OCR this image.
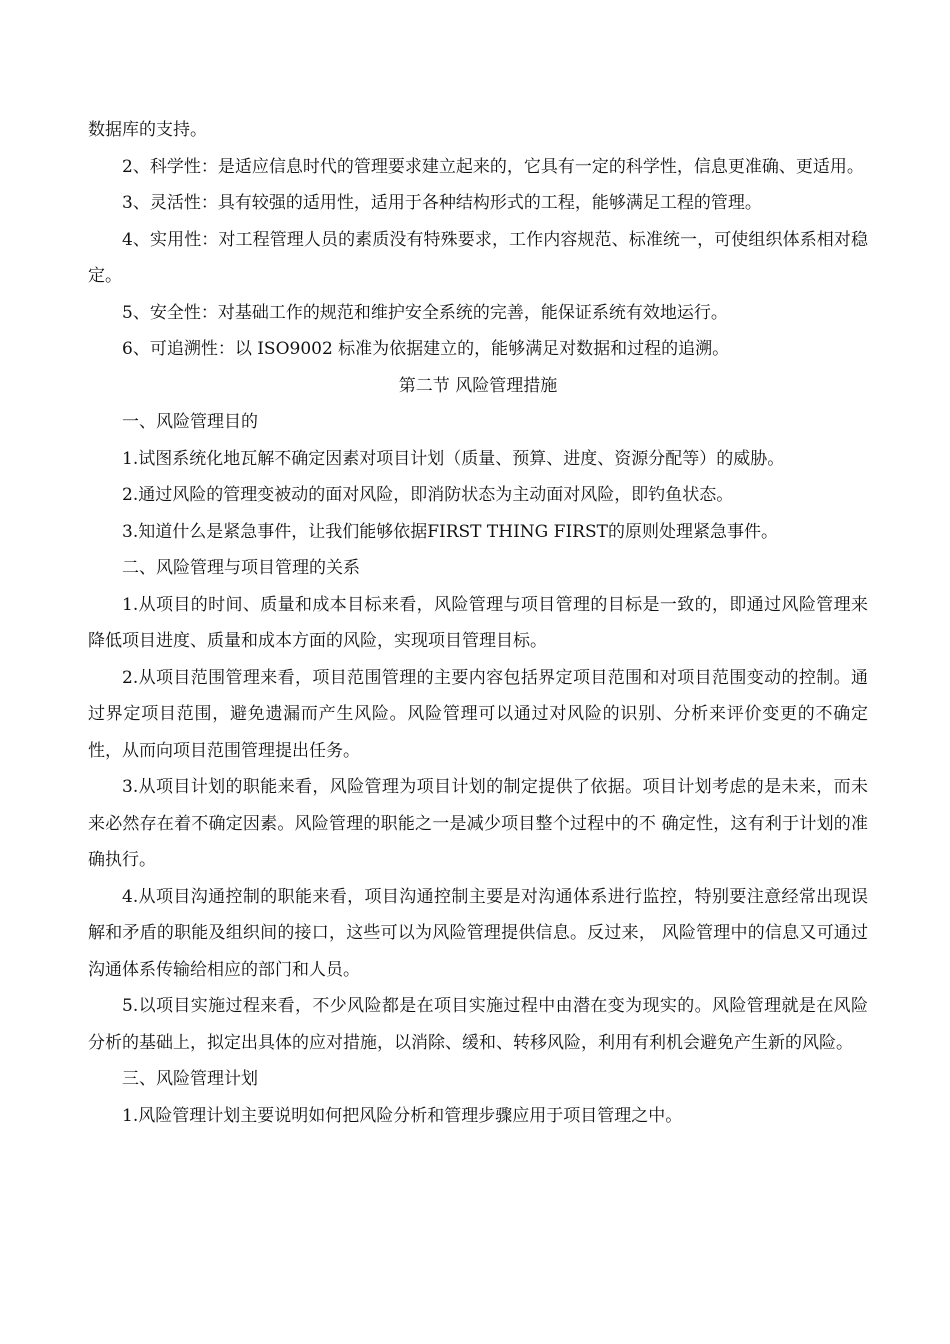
数据库的支持。

2、科学性：是适应信息时代的管理要求建立起来的，它具有一定的科学性，信息更准确、更适用。

3、灵活性：具有较强的适用性，适用于各种结构形式的工程，能够满足工程的管理。

4、实用性：对工程管理人员的素质没有特殊要求，工作内容规范、标准统一，可使组织体系相对稳定。

5、安全性：对基础工作的规范和维护安全系统的完善，能保证系统有效地运行。

6、可追溯性：以 ISO9002 标准为依据建立的，能够满足对数据和过程的追溯。

第二节 风险管理措施

一、风险管理目的

1.试图系统化地瓦解不确定因素对项目计划（质量、预算、进度、资源分配等）的威胁。

2.通过风险的管理变被动的面对风险，即消防状态为主动面对风险，即钓鱼状态。

3.知道什么是紧急事件，让我们能够依据FIRST THING FIRST的原则处理紧急事件。

二、风险管理与项目管理的关系

1.从项目的时间、质量和成本目标来看，风险管理与项目管理的目标是一致的，即通过风险管理来降低项目进度、质量和成本方面的风险，实现项目管理目标。

2.从项目范围管理来看，项目范围管理的主要内容包括界定项目范围和对项目范围变动的控制。通过界定项目范围，避免遗漏而产生风险。风险管理可以通过对风险的识别、分析来评价变更的不确定性，从而向项目范围管理提出任务。

3.从项目计划的职能来看，风险管理为项目计划的制定提供了依据。项目计划考虑的是未来，而未来必然存在着不确定因素。风险管理的职能之一是减少项目整个过程中的不 确定性，这有利于计划的准确执行。

4.从项目沟通控制的职能来看，项目沟通控制主要是对沟通体系进行监控，特别要注意经常出现误解和矛盾的职能及组织间的接口，这些可以为风险管理提供信息。反过来， 风险管理中的信息又可通过沟通体系传输给相应的部门和人员。

5.以项目实施过程来看，不少风险都是在项目实施过程中由潜在变为现实的。风险管理就是在风险分析的基础上，拟定出具体的应对措施，以消除、缓和、转移风险，利用有利机会避免产生新的风险。

三、风险管理计划

1.风险管理计划主要说明如何把风险分析和管理步骤应用于项目管理之中。
